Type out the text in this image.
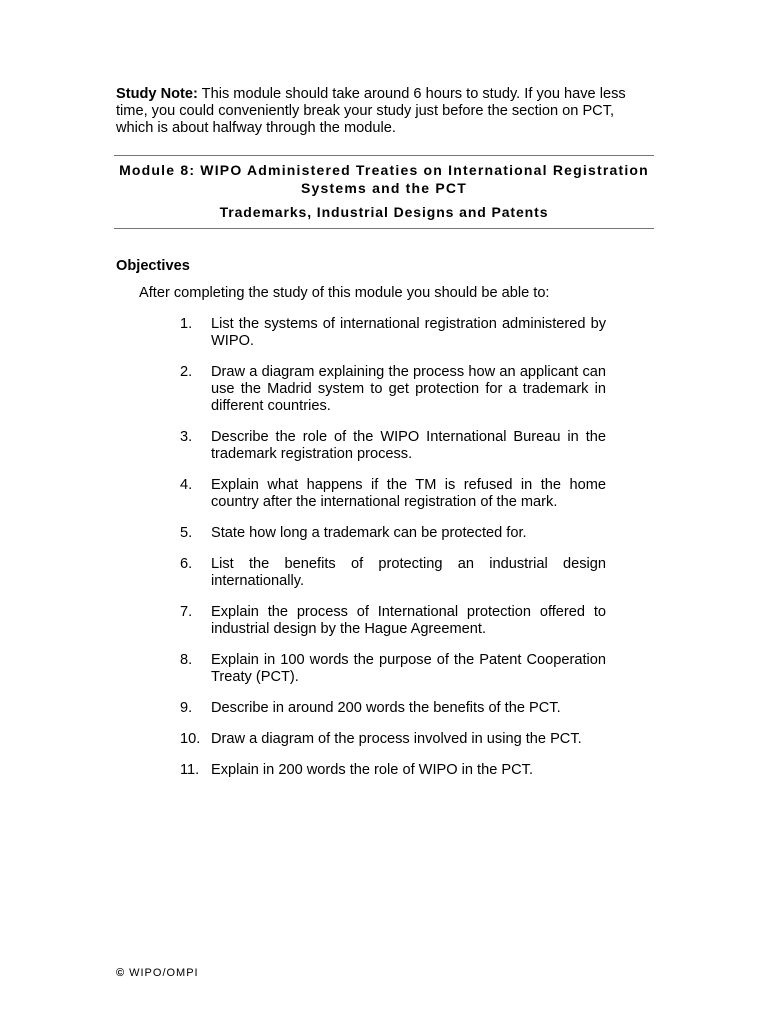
Study Note: This module should take around 6 hours to study. If you have less time, you could conveniently break your study just before the section on PCT, which is about halfway through the module.
Module 8: WIPO Administered Treaties on International Registration Systems and the PCT
Trademarks, Industrial Designs and Patents
Objectives
After completing the study of this module you should be able to:
1.	List the systems of international registration administered by WIPO.
2.	Draw a diagram explaining the process how an applicant can use the Madrid system to get protection for a trademark in different countries.
3.	Describe the role of the WIPO International Bureau in the trademark registration process.
4.	Explain what happens if the TM is refused in the home country after the international registration of the mark.
5.	State how long a trademark can be protected for.
6.	List the benefits of protecting an industrial design internationally.
7.	Explain the process of International protection offered to industrial design by the Hague Agreement.
8.	Explain in 100 words the purpose of the Patent Cooperation Treaty (PCT).
9.	Describe in around 200 words the benefits of the PCT.
10. Draw a diagram of the process involved in using the PCT.
11. Explain in 200 words the role of WIPO in the PCT.
© WIPO/OMPI
